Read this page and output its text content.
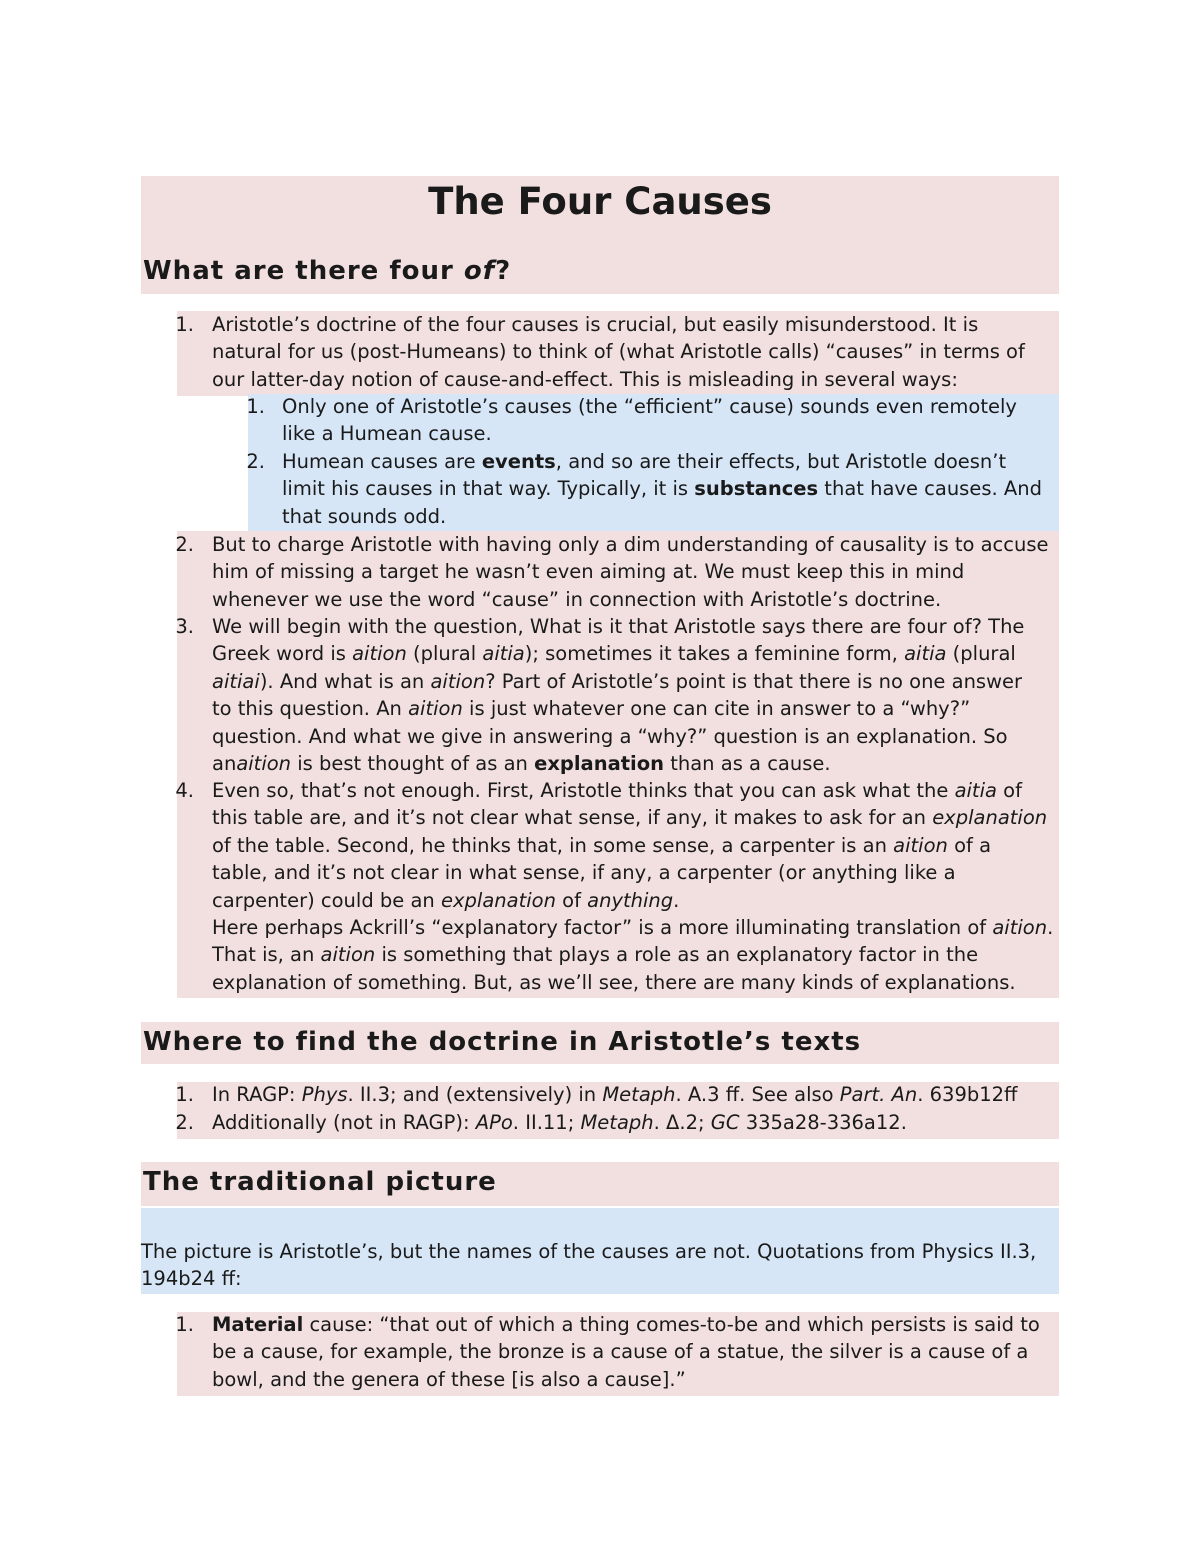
The Four Causes
What are there four of?
1. Aristotle’s doctrine of the four causes is crucial, but easily misunderstood. It is
natural for us (post-Humeans) to think of (what Aristotle calls) “causes” in terms of
our latter-day notion of cause-and-effect. This is misleading in several ways:
1. Only one of Aristotle’s causes (the “efficient” cause) sounds even remotely
like a Humean cause.
2. Humean causes are events, and so are their effects, but Aristotle doesn’t
limit his causes in that way. Typically, it is substances that have causes. And
that sounds odd.
2. But to charge Aristotle with having only a dim understanding of causality is to accuse
him of missing a target he wasn’t even aiming at. We must keep this in mind
whenever we use the word “cause” in connection with Aristotle’s doctrine.
3. We will begin with the question, What is it that Aristotle says there are four of? The
Greek word is aition (plural aitia); sometimes it takes a feminine form, aitia (plural
aitiai). And what is an aition? Part of Aristotle’s point is that there is no one answer
to this question. An aition is just whatever one can cite in answer to a “why?”
question. And what we give in answering a “why?” question is an explanation. So
anaition is best thought of as an explanation than as a cause.
4. Even so, that’s not enough. First, Aristotle thinks that you can ask what the aitia of
this table are, and it’s not clear what sense, if any, it makes to ask for an explanation
of the table. Second, he thinks that, in some sense, a carpenter is an aition of a
table, and it’s not clear in what sense, if any, a carpenter (or anything like a
carpenter) could be an explanation of anything.
Here perhaps Ackrill’s “explanatory factor” is a more illuminating translation of aition.
That is, an aition is something that plays a role as an explanatory factor in the
explanation of something. But, as we’ll see, there are many kinds of explanations.
Where to find the doctrine in Aristotle’s texts
1. In RAGP: Phys. II.3; and (extensively) in Metaph. A.3 ff. See also Part. An. 639b12ff
2. Additionally (not in RAGP): APo. II.11; Metaph. Δ.2; GC 335a28-336a12.
The traditional picture
The picture is Aristotle’s, but the names of the causes are not. Quotations from Physics II.3,
194b24 ff:
1. Material cause: “that out of which a thing comes-to-be and which persists is said to
be a cause, for example, the bronze is a cause of a statue, the silver is a cause of a
bowl, and the genera of these [is also a cause].”
